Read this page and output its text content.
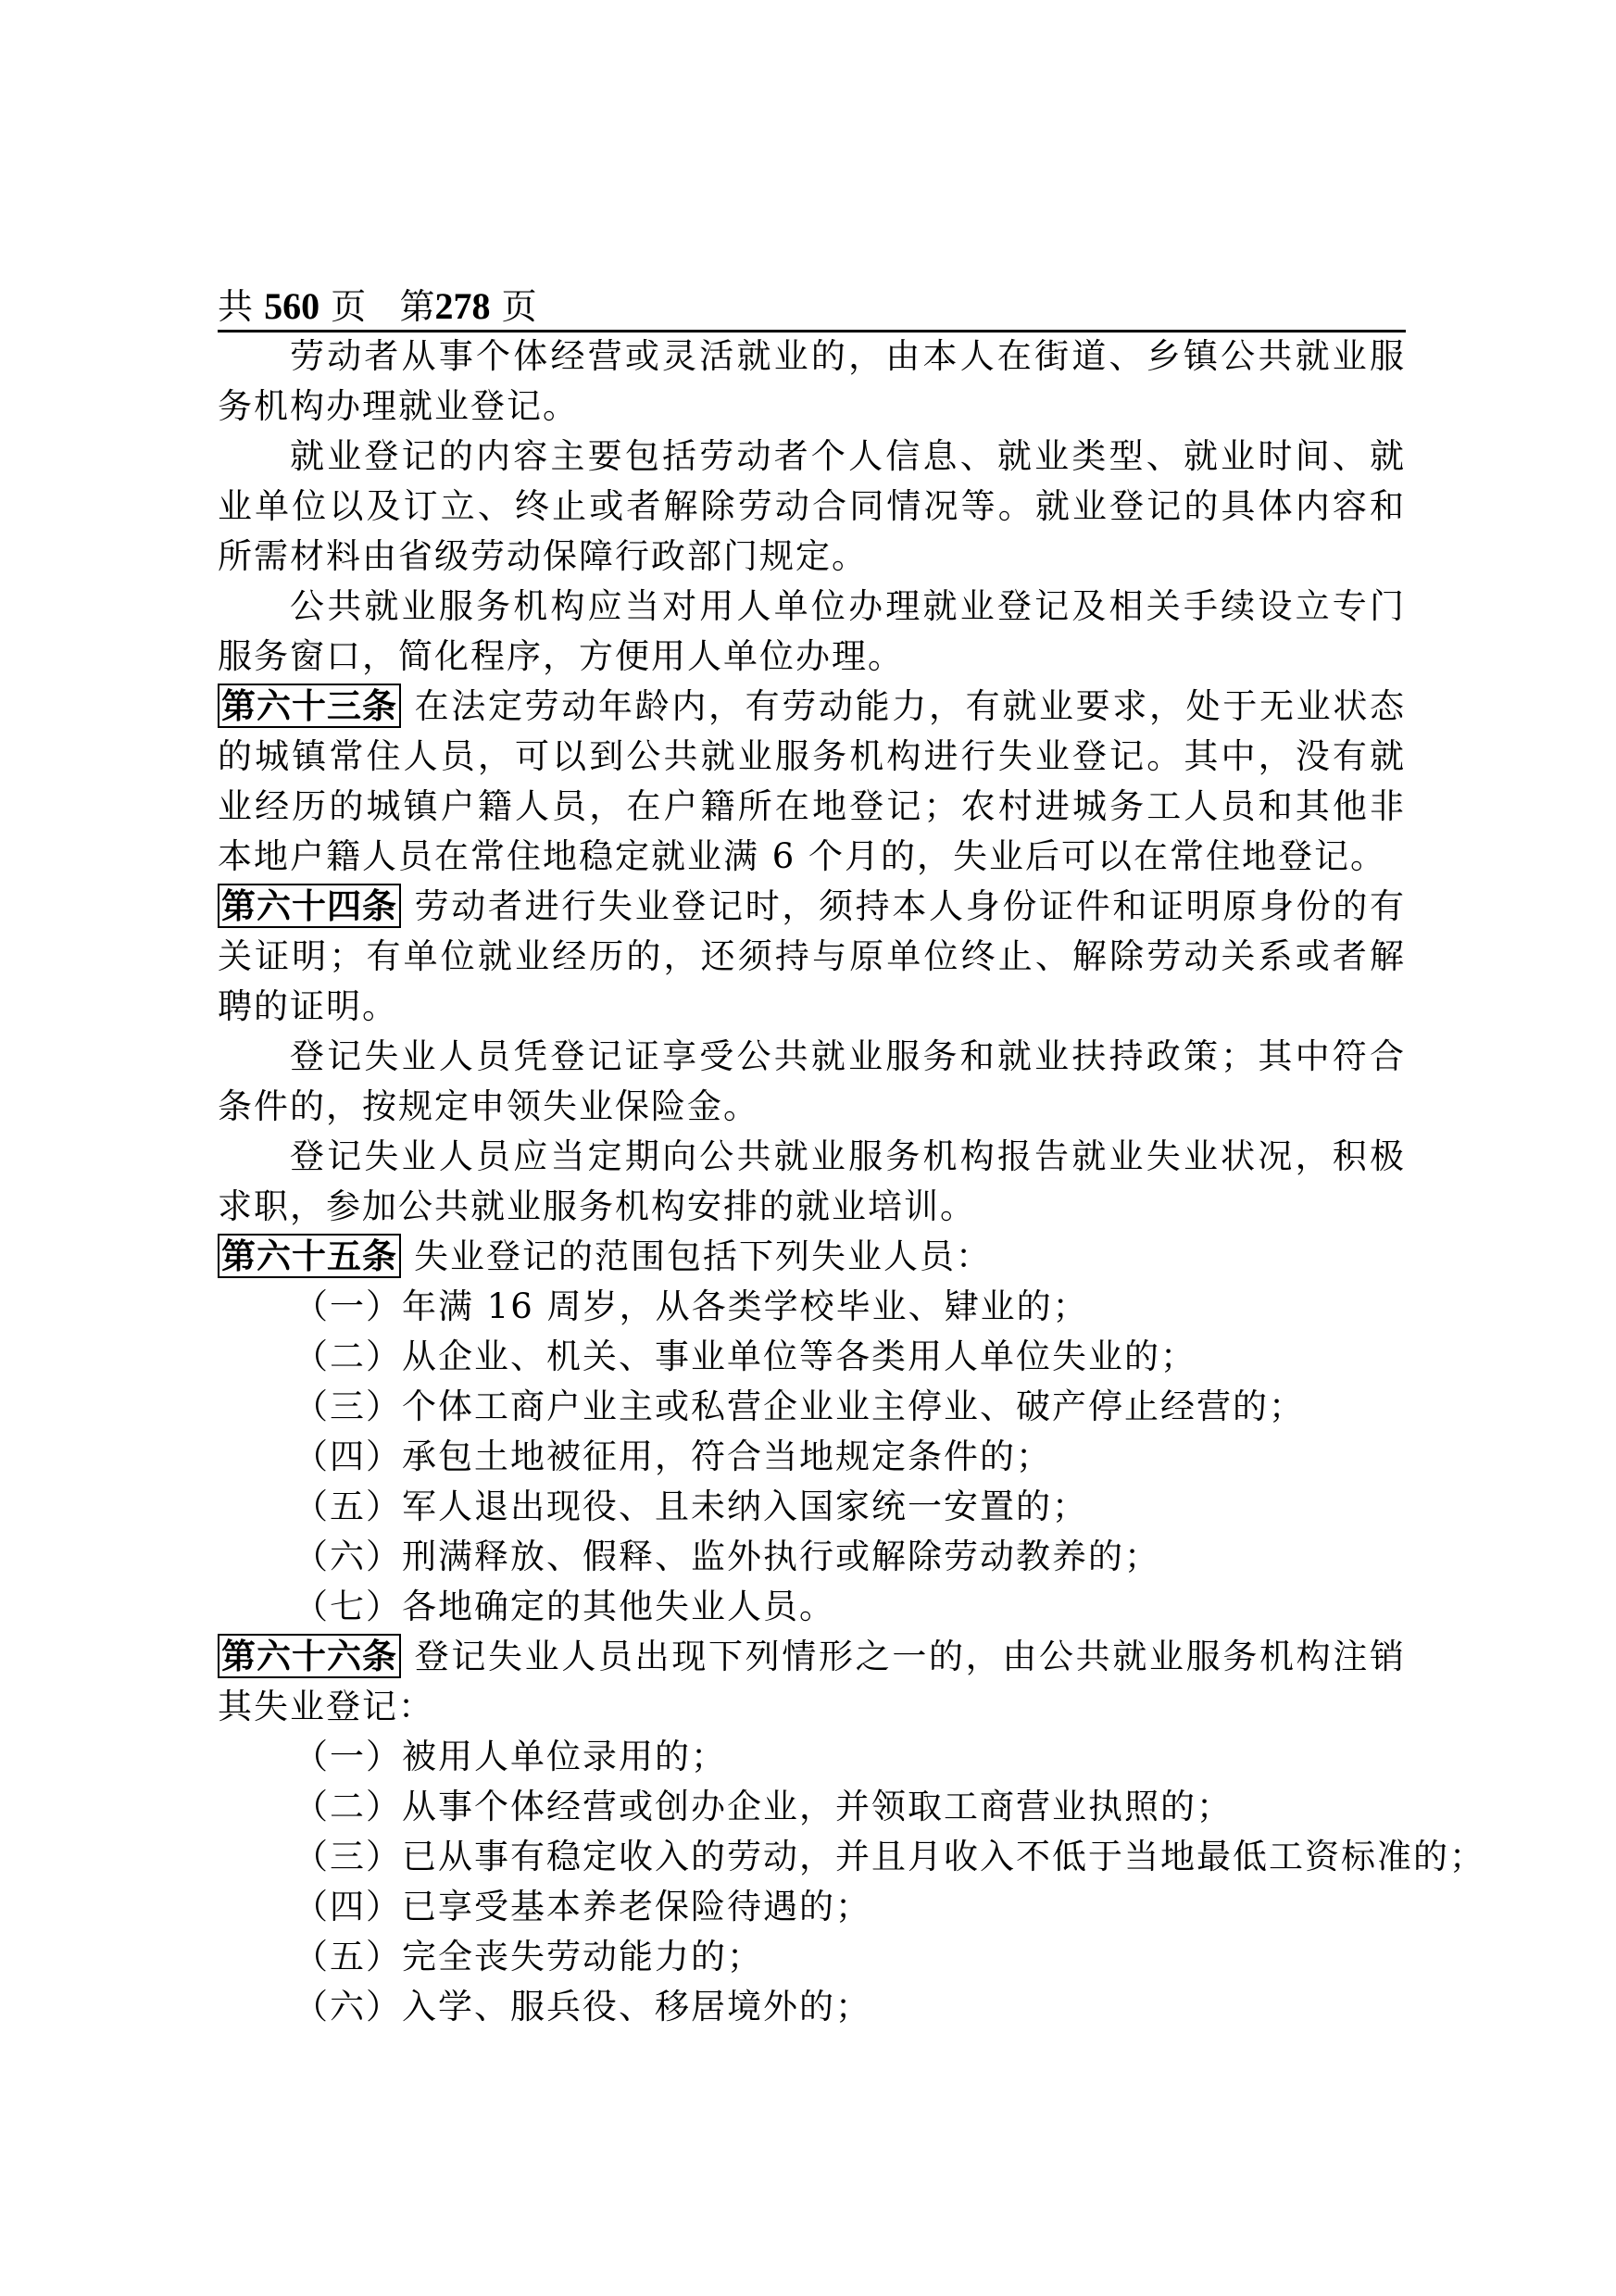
共 560 页 第278 页

劳动者从事个体经营或灵活就业的，由本人在街道、乡镇公共就业服务机构办理就业登记。

就业登记的内容主要包括劳动者个人信息、就业类型、就业时间、就业单位以及订立、终止或者解除劳动合同情况等。就业登记的具体内容和所需材料由省级劳动保障行政部门规定。

公共就业服务机构应当对用人单位办理就业登记及相关手续设立专门服务窗口，简化程序，方便用人单位办理。

第六十三条 在法定劳动年龄内，有劳动能力，有就业要求，处于无业状态的城镇常住人员，可以到公共就业服务机构进行失业登记。其中，没有就业经历的城镇户籍人员，在户籍所在地登记；农村进城务工人员和其他非本地户籍人员在常住地稳定就业满 6 个月的，失业后可以在常住地登记。

第六十四条 劳动者进行失业登记时，须持本人身份证件和证明原身份的有关证明；有单位就业经历的，还须持与原单位终止、解除劳动关系或者解聘的证明。

登记失业人员凭登记证享受公共就业服务和就业扶持政策；其中符合条件的，按规定申领失业保险金。

登记失业人员应当定期向公共就业服务机构报告就业失业状况，积极求职，参加公共就业服务机构安排的就业培训。

第六十五条 失业登记的范围包括下列失业人员：

（一）年满 16 周岁，从各类学校毕业、肄业的；

（二）从企业、机关、事业单位等各类用人单位失业的；

（三）个体工商户业主或私营企业业主停业、破产停止经营的；

（四）承包土地被征用，符合当地规定条件的；

（五）军人退出现役、且未纳入国家统一安置的；

（六）刑满释放、假释、监外执行或解除劳动教养的；

（七）各地确定的其他失业人员。

第六十六条 登记失业人员出现下列情形之一的，由公共就业服务机构注销其失业登记：

（一）被用人单位录用的；

（二）从事个体经营或创办企业，并领取工商营业执照的；

（三）已从事有稳定收入的劳动，并且月收入不低于当地最低工资标准的；

（四）已享受基本养老保险待遇的；

（五）完全丧失劳动能力的；

（六）入学、服兵役、移居境外的；
